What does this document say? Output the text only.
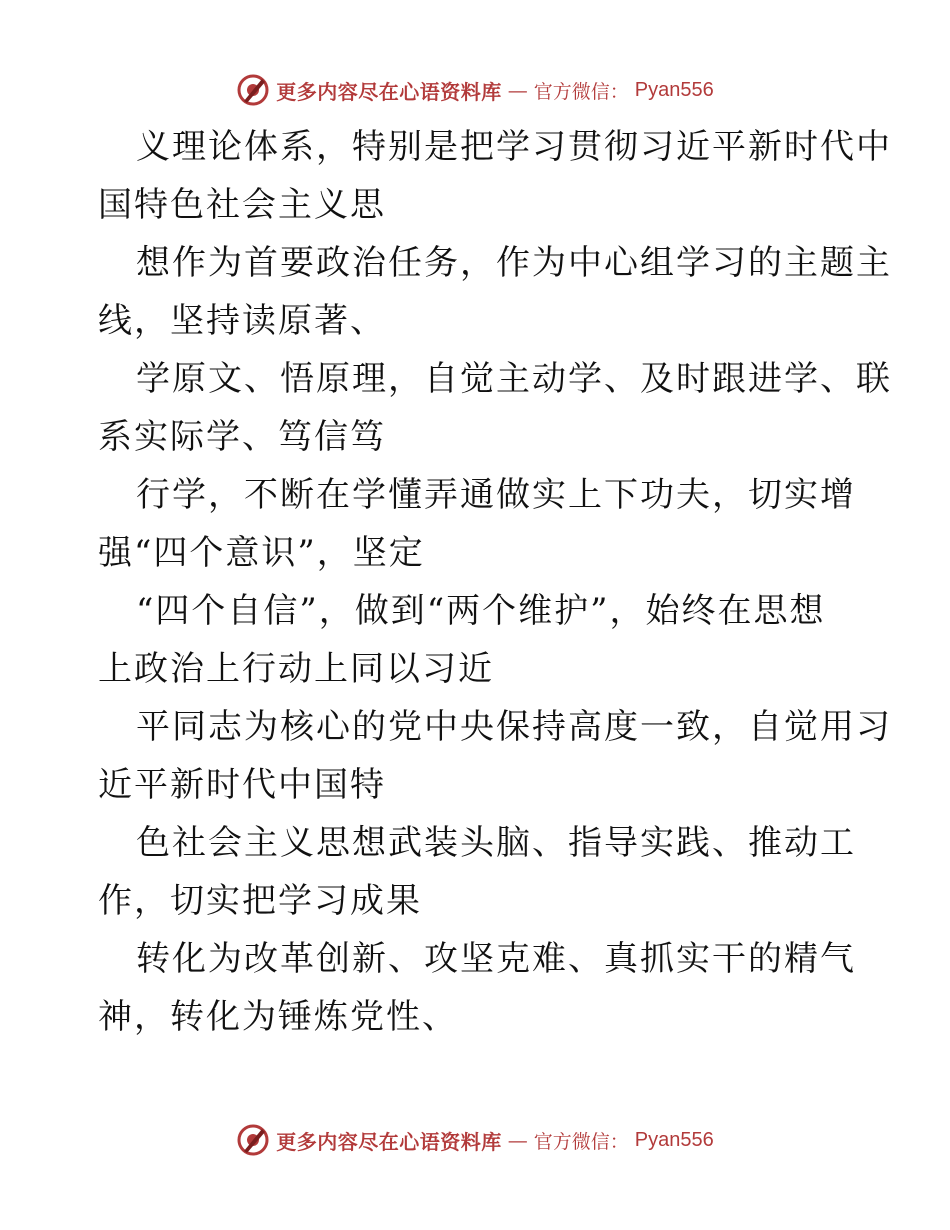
更多内容尽在心语资料库 — 官方微信： Pyan556
义理论体系，特别是把学习贯彻习近平新时代中
国特色社会主义思
想作为首要政治任务，作为中心组学习的主题主
线，坚持读原著、
学原文、悟原理，自觉主动学、及时跟进学、联
系实际学、笃信笃
行学，不断在学懂弄通做实上下功夫，切实增
强“四个意识”，坚定
“四个自信”，做到“两个维护”，始终在思想
上政治上行动上同以习近
平同志为核心的党中央保持高度一致，自觉用习
近平新时代中国特
色社会主义思想武装头脑、指导实践、推动工
作，切实把学习成果
转化为改革创新、攻坚克难、真抓实干的精气
神，转化为锤炼党性、
更多内容尽在心语资料库 — 官方微信： Pyan556
